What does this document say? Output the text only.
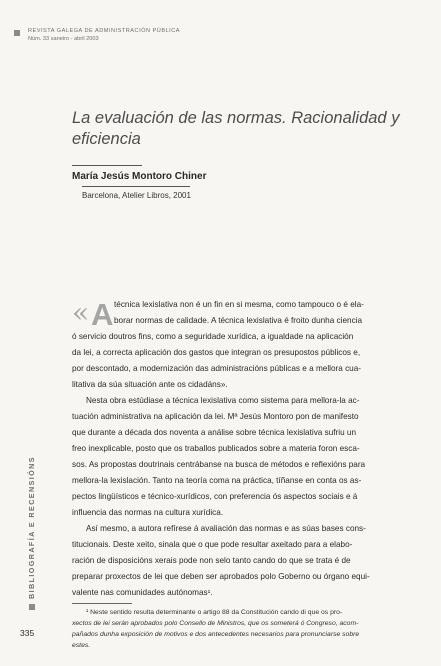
REVISTA GALEGA DE ADMINISTRACIÓN PÚBLICA
Núm. 33 xaneiro - abril 2003
La evaluación de las normas. Racionalidad y eficiencia
María Jesús Montoro Chiner
Barcelona, Atelier Libros, 2001
« A técnica lexislativa non é un fin en si mesma, como tampouco o é ela-
borar normas de calidade. A técnica lexislativa é froito dunha ciencia
ó servicio doutros fins, como a seguridade xurídica, a igualdade na aplicación
da lei, a correcta aplicación dos gastos que integran os presupostos públicos e,
por descontado, a modernización das administracións públicas e a mellora cua-
litativa da súa situación ante os cidadáns».
Nesta obra estúdiase a técnica lexislativa como sistema para mellora-la ac-
tuación administrativa na aplicación da lei. Mª Jesús Montoro pon de manifesto
que durante a década dos noventa a análise sobre técnica lexislativa sufriu un
freo inexplicable, posto que os traballos publicados sobre a materia foron esca-
sos. As propostas doutrinais centrábanse na busca de métodos e reflexións para
mellora-la lexislación. Tanto na teoría coma na práctica, tíñanse en conta os as-
pectos lingüísticos e técnico-xurídicos, con preferencia ós aspectos sociais e á
influencia das normas na cultura xurídica.
Así mesmo, a autora refírese á avaliación das normas e as súas bases cons-
titucionais. Deste xeito, sinala que o que pode resultar axeitado para a elabo-
ración de disposicións xerais pode non selo tanto cando do que se trata é de
preparar proxectos de lei que deben ser aprobados polo Goberno ou órgano equi-
valente nas comunidades autónomas¹.
¹ Neste sentido resulta determinante o artigo 88 da Constitución cando di que os pro-
xectos de lei serán aprobados polo Consello de Ministros, que os someterá ó Congreso, acom-
pañados dunha exposición de motivos e dos antecedentes necesarios para pronunciarse sobre
estes.
BIBLIOGRAFÍA E RECENSIÓNS
335
